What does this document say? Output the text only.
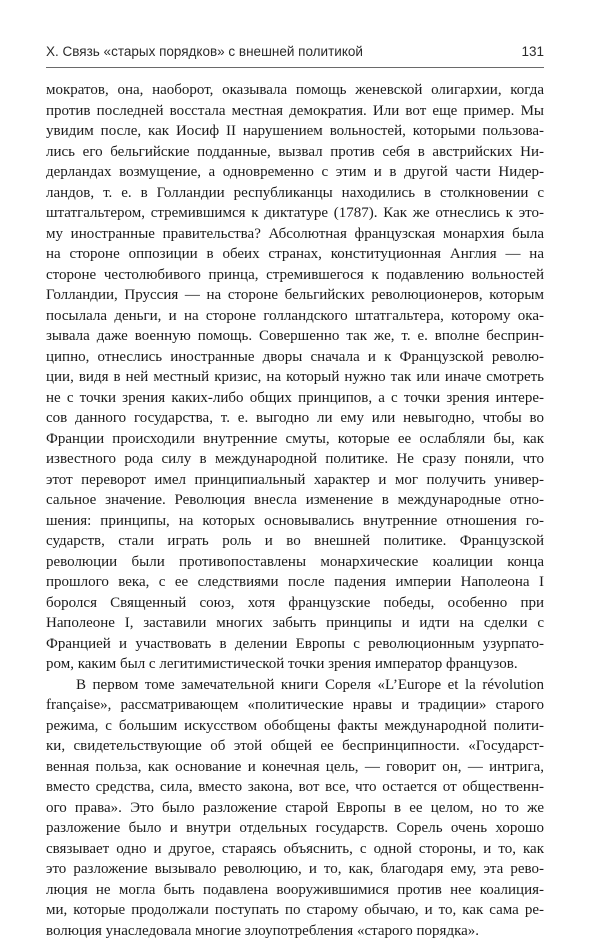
Х. Связь «старых порядков» с внешней политикой	131
мократов, она, наоборот, оказывала помощь женевской олигархии, когда
против последней восстала местная демократия. Или вот еще пример. Мы
увидим после, как Иосиф II нарушением вольностей, которыми пользова-
лись его бельгийские подданные, вызвал против себя в австрийских Ни-
дерландах возмущение, а одновременно с этим и в другой части Нидер-
ландов, т. е. в Голландии республиканцы находились в столкновении с
штатгальтером, стремившимся к диктатуре (1787). Как же отнеслись к это-
му иностранные правительства? Абсолютная французская монархия была
на стороне оппозиции в обеих странах, конституционная Англия — на
стороне честолюбивого принца, стремившегося к подавлению вольностей
Голландии, Пруссия — на стороне бельгийских революционеров, которым
посылала деньги, и на стороне голландского штатгальтера, которому ока-
зывала даже военную помощь. Совершенно так же, т. е. вполне бесприн-
ципно, отнеслись иностранные дворы сначала и к Французской револю-
ции, видя в ней местный кризис, на который нужно так или иначе смотреть
не с точки зрения каких-либо общих принципов, а с точки зрения интере-
сов данного государства, т. е. выгодно ли ему или невыгодно, чтобы во
Франции происходили внутренние смуты, которые ее ослабляли бы, как
известного рода силу в международной политике. Не сразу поняли, что
этот переворот имел принципиальный характер и мог получить универ-
сальное значение. Революция внесла изменение в международные отно-
шения: принципы, на которых основывались внутренние отношения го-
сударств, стали играть роль и во внешней политике. Французской
революции были противопоставлены монархические коалиции конца
прошлого века, с ее следствиями после падения империи Наполеона I
боролся Священный союз, хотя французские победы, особенно при
Наполеоне I, заставили многих забыть принципы и идти на сделки с
Францией и участвовать в делении Европы с революционным узурпато-
ром, каким был с легитимистической точки зрения император французов.
В первом томе замечательной книги Сореля «L’Europe et la révolution
française», рассматривающем «политические нравы и традиции» старого
режима, с большим искусством обобщены факты международной полити-
ки, свидетельствующие об этой общей ее беспринципности. «Государст-
венная польза, как основание и конечная цель, — говорит он, — интрига,
вместо средства, сила, вместо закона, вот все, что остается от общественн-
ого права». Это было разложение старой Европы в ее целом, но то же
разложение было и внутри отдельных государств. Сорель очень хорошо
связывает одно и другое, стараясь объяснить, с одной стороны, и то, как
это разложение вызывало революцию, и то, как, благодаря ему, эта рево-
люция не могла быть подавлена вооружившимися против нее коалиция-
ми, которые продолжали поступать по старому обычаю, и то, как сама ре-
волюция унаследовала многие злоупотребления «старого порядка».
